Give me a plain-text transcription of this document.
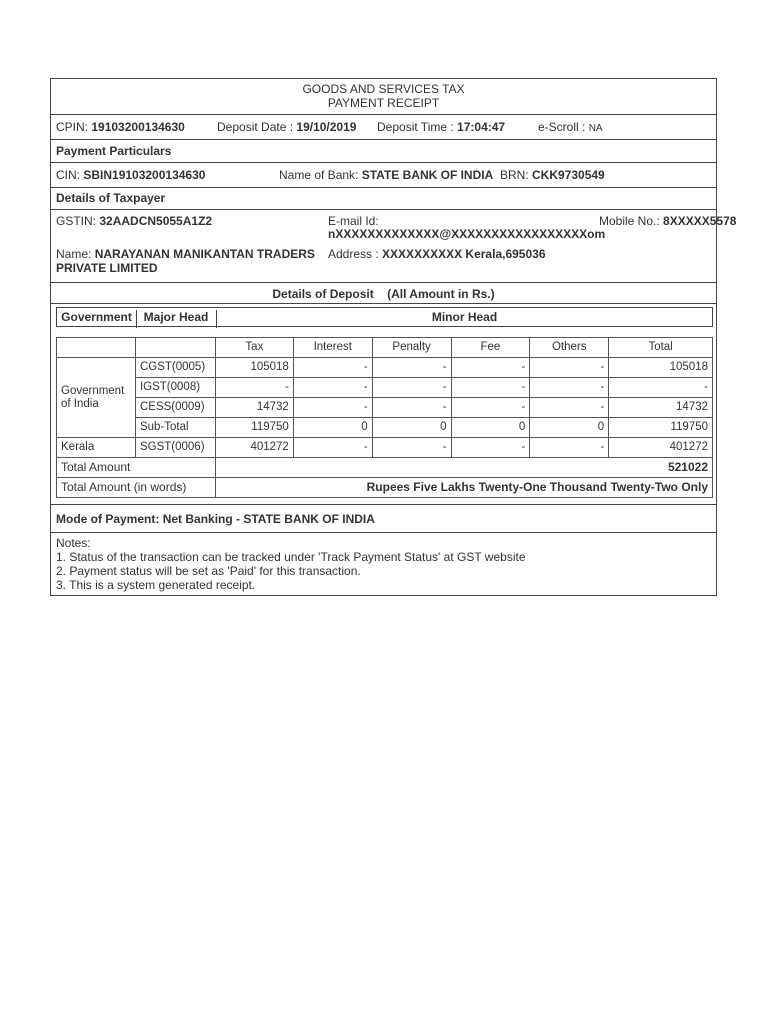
GOODS AND SERVICES TAX
PAYMENT RECEIPT
CPIN: 19103200134630	Deposit Date : 19/10/2019 Deposit Time : 17:04:47	e-Scroll : NA
Payment Particulars
CIN: SBIN19103200134630	Name of Bank: STATE BANK OF INDIA BRN: CKK9730549
Details of Taxpayer
GSTIN: 32AADCN5055A1Z2	E-mail Id:
nXXXXXXXXXXXXX@XXXXXXXXXXXXXXXXXom
Mobile No.: 8XXXXX5578
Name: NARAYANAN MANIKANTAN TRADERS
PRIVATE LIMITED
Address : XXXXXXXXXX Kerala,695036
Details of Deposit (All Amount in Rs.)
Government Major Head	Minor Head
		Tax	Interest	Penalty	Fee	Others	Total
Government of India	CGST(0005)	105018	-	-	-	-	105018
	IGST(0008)	-	-	-	-	-	-
	CESS(0009)	14732	-	-	-	-	14732
	Sub-Total	119750	0	0	0	0	119750
Kerala	SGST(0006)	401272	-	-	-	-	401272
Total Amount		521022					
Total Amount (in words)		Rupees Five Lakhs Twenty-One Thousand Twenty-Two Only					
Mode of Payment: Net Banking - STATE BANK OF INDIA
Notes:
1. Status of the transaction can be tracked under 'Track Payment Status' at GST website
2. Payment status will be set as 'Paid' for this transaction.
3. This is a system generated receipt.
